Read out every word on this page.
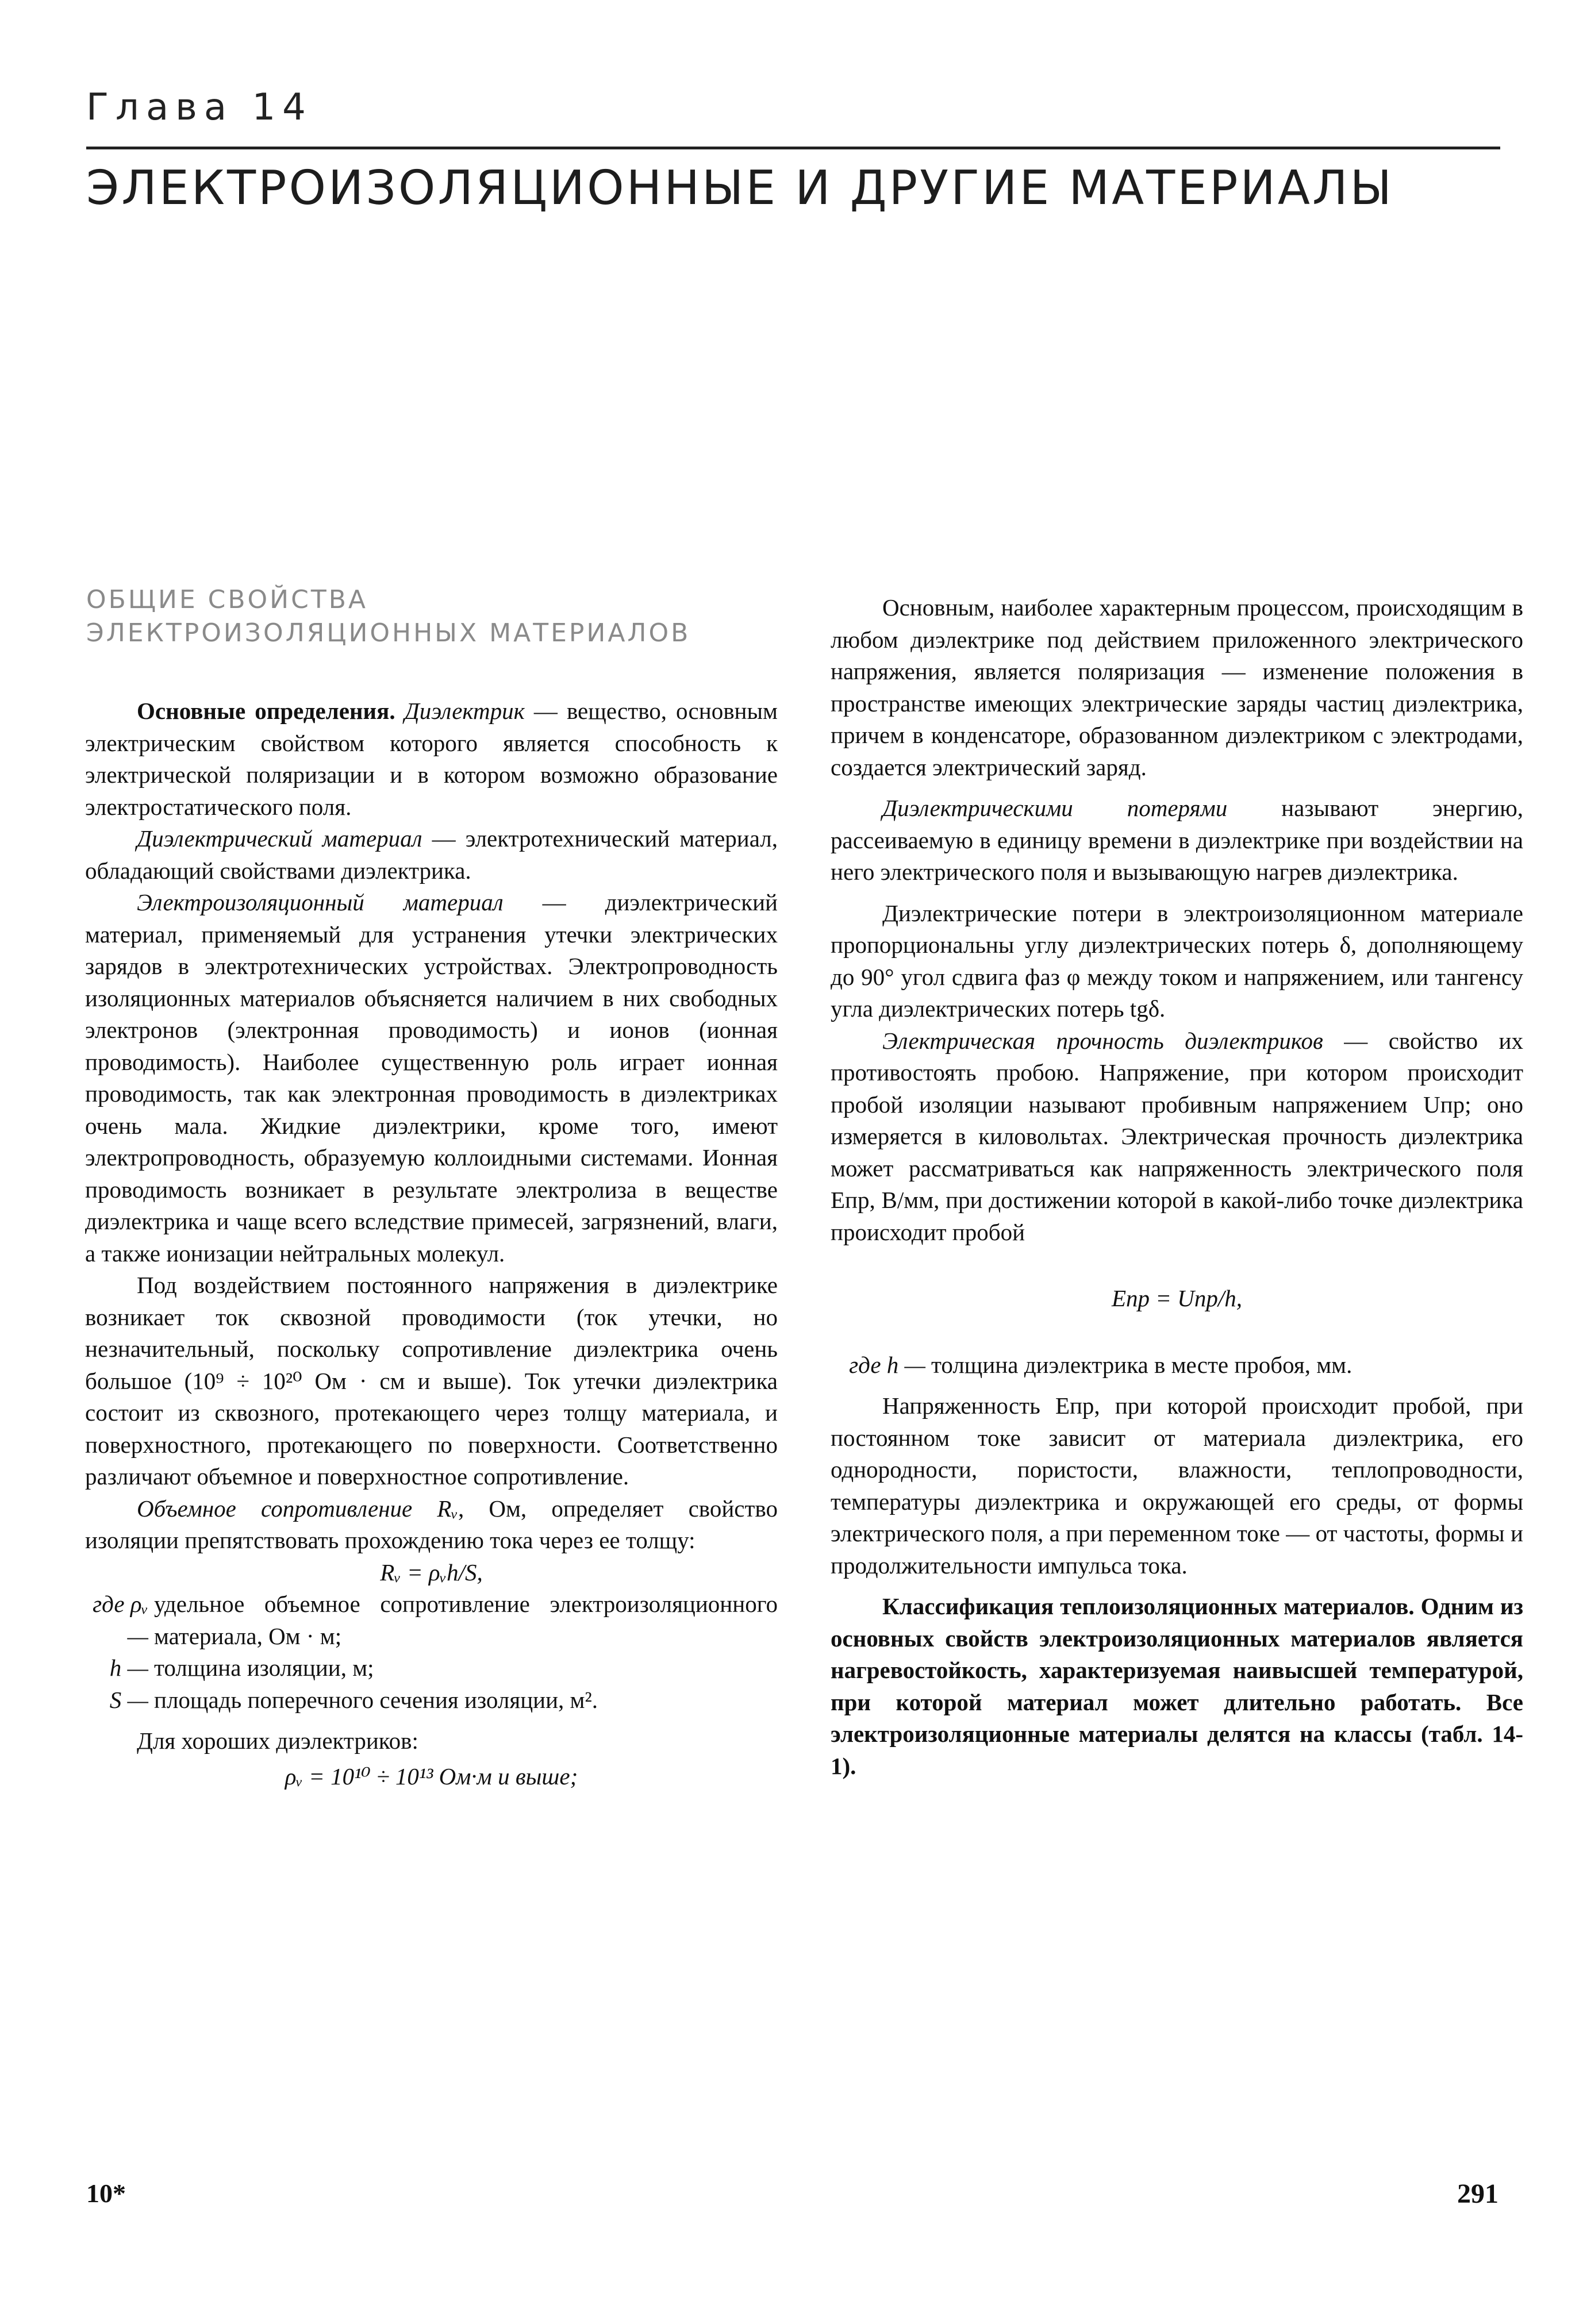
Глава 14
ЭЛЕКТРОИЗОЛЯЦИОННЫЕ И ДРУГИЕ МАТЕРИАЛЫ
ОБЩИЕ СВОЙСТВА
ЭЛЕКТРОИЗОЛЯЦИОННЫХ МАТЕРИАЛОВ

Основные определения. Диэлектрик — вещество, основным электрическим свойством которого является способность к электрической поляризации и в котором возможно образование электростатического поля.

Диэлектрический материал — электротехнический материал, обладающий свойствами диэлектрика.

Электроизоляционный материал — диэлектрический материал, применяемый для устранения утечки электрических зарядов в электротехнических устройствах. Электропроводность изоляционных материалов объясняется наличием в них свободных электронов (электронная проводимость) и ионов (ионная проводимость). Наиболее существенную роль играет ионная проводимость, так как электронная проводимость в диэлектриках очень мала. Жидкие диэлектрики, кроме того, имеют электропроводность, образуемую коллоидными системами. Ионная проводимость возникает в результате электролиза в веществе диэлектрика и чаще всего вследствие примесей, загрязнений, влаги, а также ионизации нейтральных молекул.

Под воздействием постоянного напряжения в диэлектрике возникает ток сквозной проводимости (ток утечки, но незначительный, поскольку сопротивление диэлектрика очень большое (10⁹ ÷ 10²⁰ Ом · см и выше). Ток утечки диэлектрика состоит из сквозного, протекающего через толщу материала, и поверхностного, протекающего по поверхности. Соответственно различают объемное и поверхностное сопротивление.

Объемное сопротивление Rᵥ, Ом, определяет свойство изоляции препятствовать прохождению тока через ее толщу:

Rᵥ = ρᵥh/S,

где ρᵥ —
удельное объемное сопротивление электроизоляционного материала, Ом · м;
h — толщина изоляции, м;
S — площадь поперечного сечения изоляции, м².

Для хороших диэлектриков:

ρᵥ = 10¹⁰ ÷ 10¹³ Ом·м и выше;

Основным, наиболее характерным процессом, происходящим в любом диэлектрике под действием приложенного электрического напряжения, является поляризация — изменение положения в пространстве имеющих электрические заряды частиц диэлектрика, причем в конденсаторе, образованном диэлектриком с электродами, создается электрический заряд.

Диэлектрическими потерями называют энергию, рассеиваемую в единицу времени в диэлектрике при воздействии на него электрического поля и вызывающую нагрев диэлектрика.

Диэлектрические потери в электроизоляционном материале пропорциональны углу диэлектрических потерь δ, дополняющему до 90° угол сдвига фаз φ между током и напряжением, или тангенсу угла диэлектрических потерь tgδ.

Электрическая прочность диэлектриков — свойство их противостоять пробою. Напряжение, при котором происходит пробой изоляции называют пробивным напряжением Uпр; оно измеряется в киловольтах. Электрическая прочность диэлектрика может рассматриваться как напряженность электрического поля Eпр, В/мм, при достижении которой в какой-либо точке диэлектрика происходит пробой

Eпр = Uпр/h,

где h — толщина диэлектрика в месте пробоя, мм.

Напряженность Eпр, при которой происходит пробой, при постоянном токе зависит от материала диэлектрика, его однородности, пористости, влажности, теплопроводности, температуры диэлектрика и окружающей его среды, от формы электрического поля, а при переменном токе — от частоты, формы и продолжительности импульса тока.

Классификация теплоизоляционных материалов. Одним из основных свойств электроизоляционных материалов является нагревостойкость, характеризуемая наивысшей температурой, при которой материал может длительно работать. Все электроизоляционные материалы делятся на классы (табл. 14-1).

10*	291
